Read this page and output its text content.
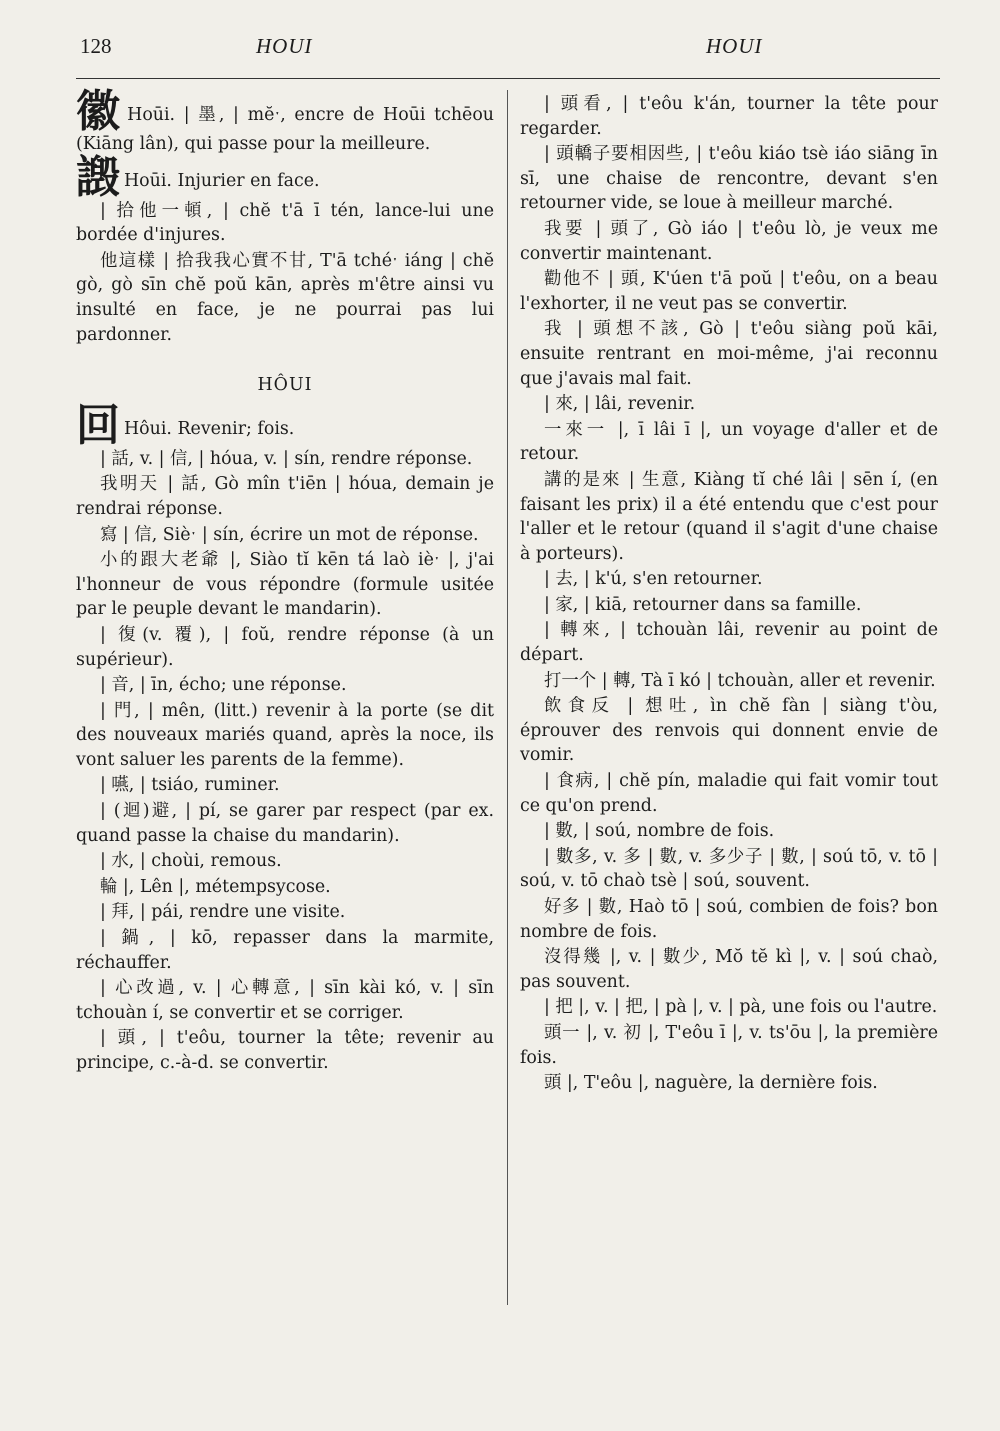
128	HOUI	HOUI
徽 Hoūi. | 墨, | mĕˑ, encre de Hoūi tchēou (Kiāng lân), qui passe pour la meilleure.
譭 Hoūi. Injurier en face.
| 拾他一頓, | chĕ t'ā ī tén, lance-lui une bordée d'injures.
他這樣 | 拾我我心實不甘, T'ā tchéˑ iáng | chĕ gò, gò sīn chĕ poŭ kān, après m'être ainsi vu insulté en face, je ne pourrai pas lui pardonner.
HÔUI
回 Hôui. Revenir; fois.
| 話, v. | 信, | hóua, v. | sín, rendre réponse.
我明天 | 話, Gò mîn t'iēn | hóua, demain je rendrai réponse.
寫 | 信, Sièˑ | sín, écrire un mot de réponse.
小的跟大老爺 |, Siào tĭ kēn tá laò ièˑ |, j'ai l'honneur de vous répondre (formule usitée par le peuple devant le mandarin).
| 復(v. 覆), | foŭ, rendre réponse (à un supérieur).
| 音, | īn, écho; une réponse.
| 門, | mên, (litt.) revenir à la porte (se dit des nouveaux mariés quand, après la noce, ils vont saluer les parents de la femme).
| 嚥, | tsiáo, ruminer.
| (迴)避, | pí, se garer par respect (par ex. quand passe la chaise du mandarin).
| 水, | choùi, remous.
輪 |, Lên |, métempsycose.
| 拜, | pái, rendre une visite.
| 鍋, | kō, repasser dans la marmite, réchauffer.
| 心改過, v. | 心轉意, | sīn kài kó, v. | sīn tchouàn í, se convertir et se corriger.
| 頭, | t'eôu, tourner la tête; revenir au principe, c.-à-d. se convertir.
| 頭看, | t'eôu k'án, tourner la tête pour regarder.
| 頭轎子要相因些, | t'eôu kiáo tsè iáo siāng īn sī, une chaise de rencontre, devant s'en retourner vide, se loue à meilleur marché.
我要 | 頭了, Gò iáo | t'eôu lò, je veux me convertir maintenant.
勸他不 | 頭, K'úen t'ā poŭ | t'eôu, on a beau l'exhorter, il ne veut pas se convertir.
我 | 頭想不該, Gò | t'eôu siàng poŭ kāi, ensuite rentrant en moi-même, j'ai reconnu que j'avais mal fait.
| 來, | lâi, revenir.
一來一 |, ī lâi ī |, un voyage d'aller et de retour.
講的是來 | 生意, Kiàng tĭ ché lâi | sēn í, (en faisant les prix) il a été entendu que c'est pour l'aller et le retour (quand il s'agit d'une chaise à porteurs).
| 去, | k'ú, s'en retourner.
| 家, | kiā, retourner dans sa famille.
| 轉來, | tchouàn lâi, revenir au point de départ.
打一个 | 轉, Tà ī kó | tchouàn, aller et revenir.
飲食反 | 想吐, ìn chĕ fàn | siàng t'òu, éprouver des renvois qui donnent envie de vomir.
| 食病, | chĕ pín, maladie qui fait vomir tout ce qu'on prend.
| 數, | soú, nombre de fois.
| 數多, v. 多 | 數, v. 多少子 | 數, | soú tō, v. tō | soú, v. tō chaò tsè | soú, souvent.
好多 | 數, Haò tō | soú, combien de fois? bon nombre de fois.
沒得幾 |, v. | 數少, Mŏ tĕ kì |, v. | soú chaò, pas souvent.
| 把 |, v. | 把, | pà |, v. | pà, une fois ou l'autre.
頭一 |, v. 初 |, T'eôu ī |, v. ts'ōu |, la première fois.
頭 |, T'eôu |, naguère, la dernière fois.
